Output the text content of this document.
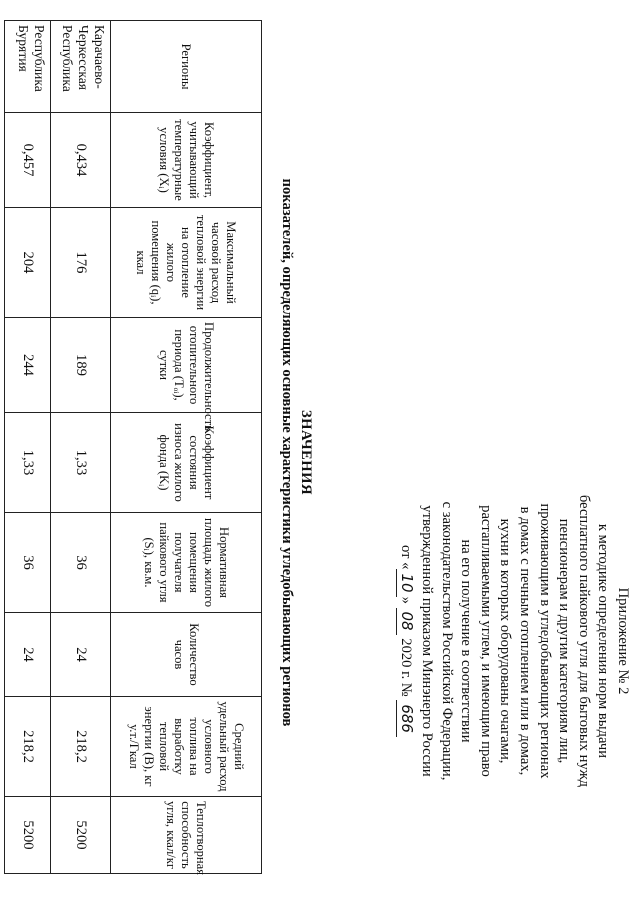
Приложение № 2
к методике определения норм выдачи
бесплатного пайкового угля для бытовых нужд
пенсионерам и другим категориям лиц,
проживающим в угледобывающих регионах
в домах с печным отоплением или в домах,
кухни в которых оборудованы очагами,
растапливаемыми углем, и имеющим право
на его получение в соответствии
с законодательством Российской Федерации,
утвержденной приказом Минэнерго России
от «10» 08 2020 г. № 686
ЗНАЧЕНИЯ
показателей, определяющих основные характеристики угледобывающих регионов
Регионы	Коэффициент, учитывающий температурные условия (Хᵢ)	Максимальный часовой расход тепловой энергии на отопление жилого помещения (qᵢ), ккал	Продолжительность отопительного периода (Tₒᵢ), сутки	Коэффициент состояния износа жилого фонда (Kᵢ)	Нормативная площадь жилого помещения получателя пайкового угля (Sᵢ), кв.м.	Количество часов	Средний удельный расход условного топлива на выработку тепловой энергии (B), кг у.т./Гкал	Теплотворная способность угля, ккал/кг
Карачаево-Черкесская Республика	0,434	176	189	1,33	36	24	218,2	5200
Республика Бурятия	0,457	204	244	1,33	36	24	218,2	5200
